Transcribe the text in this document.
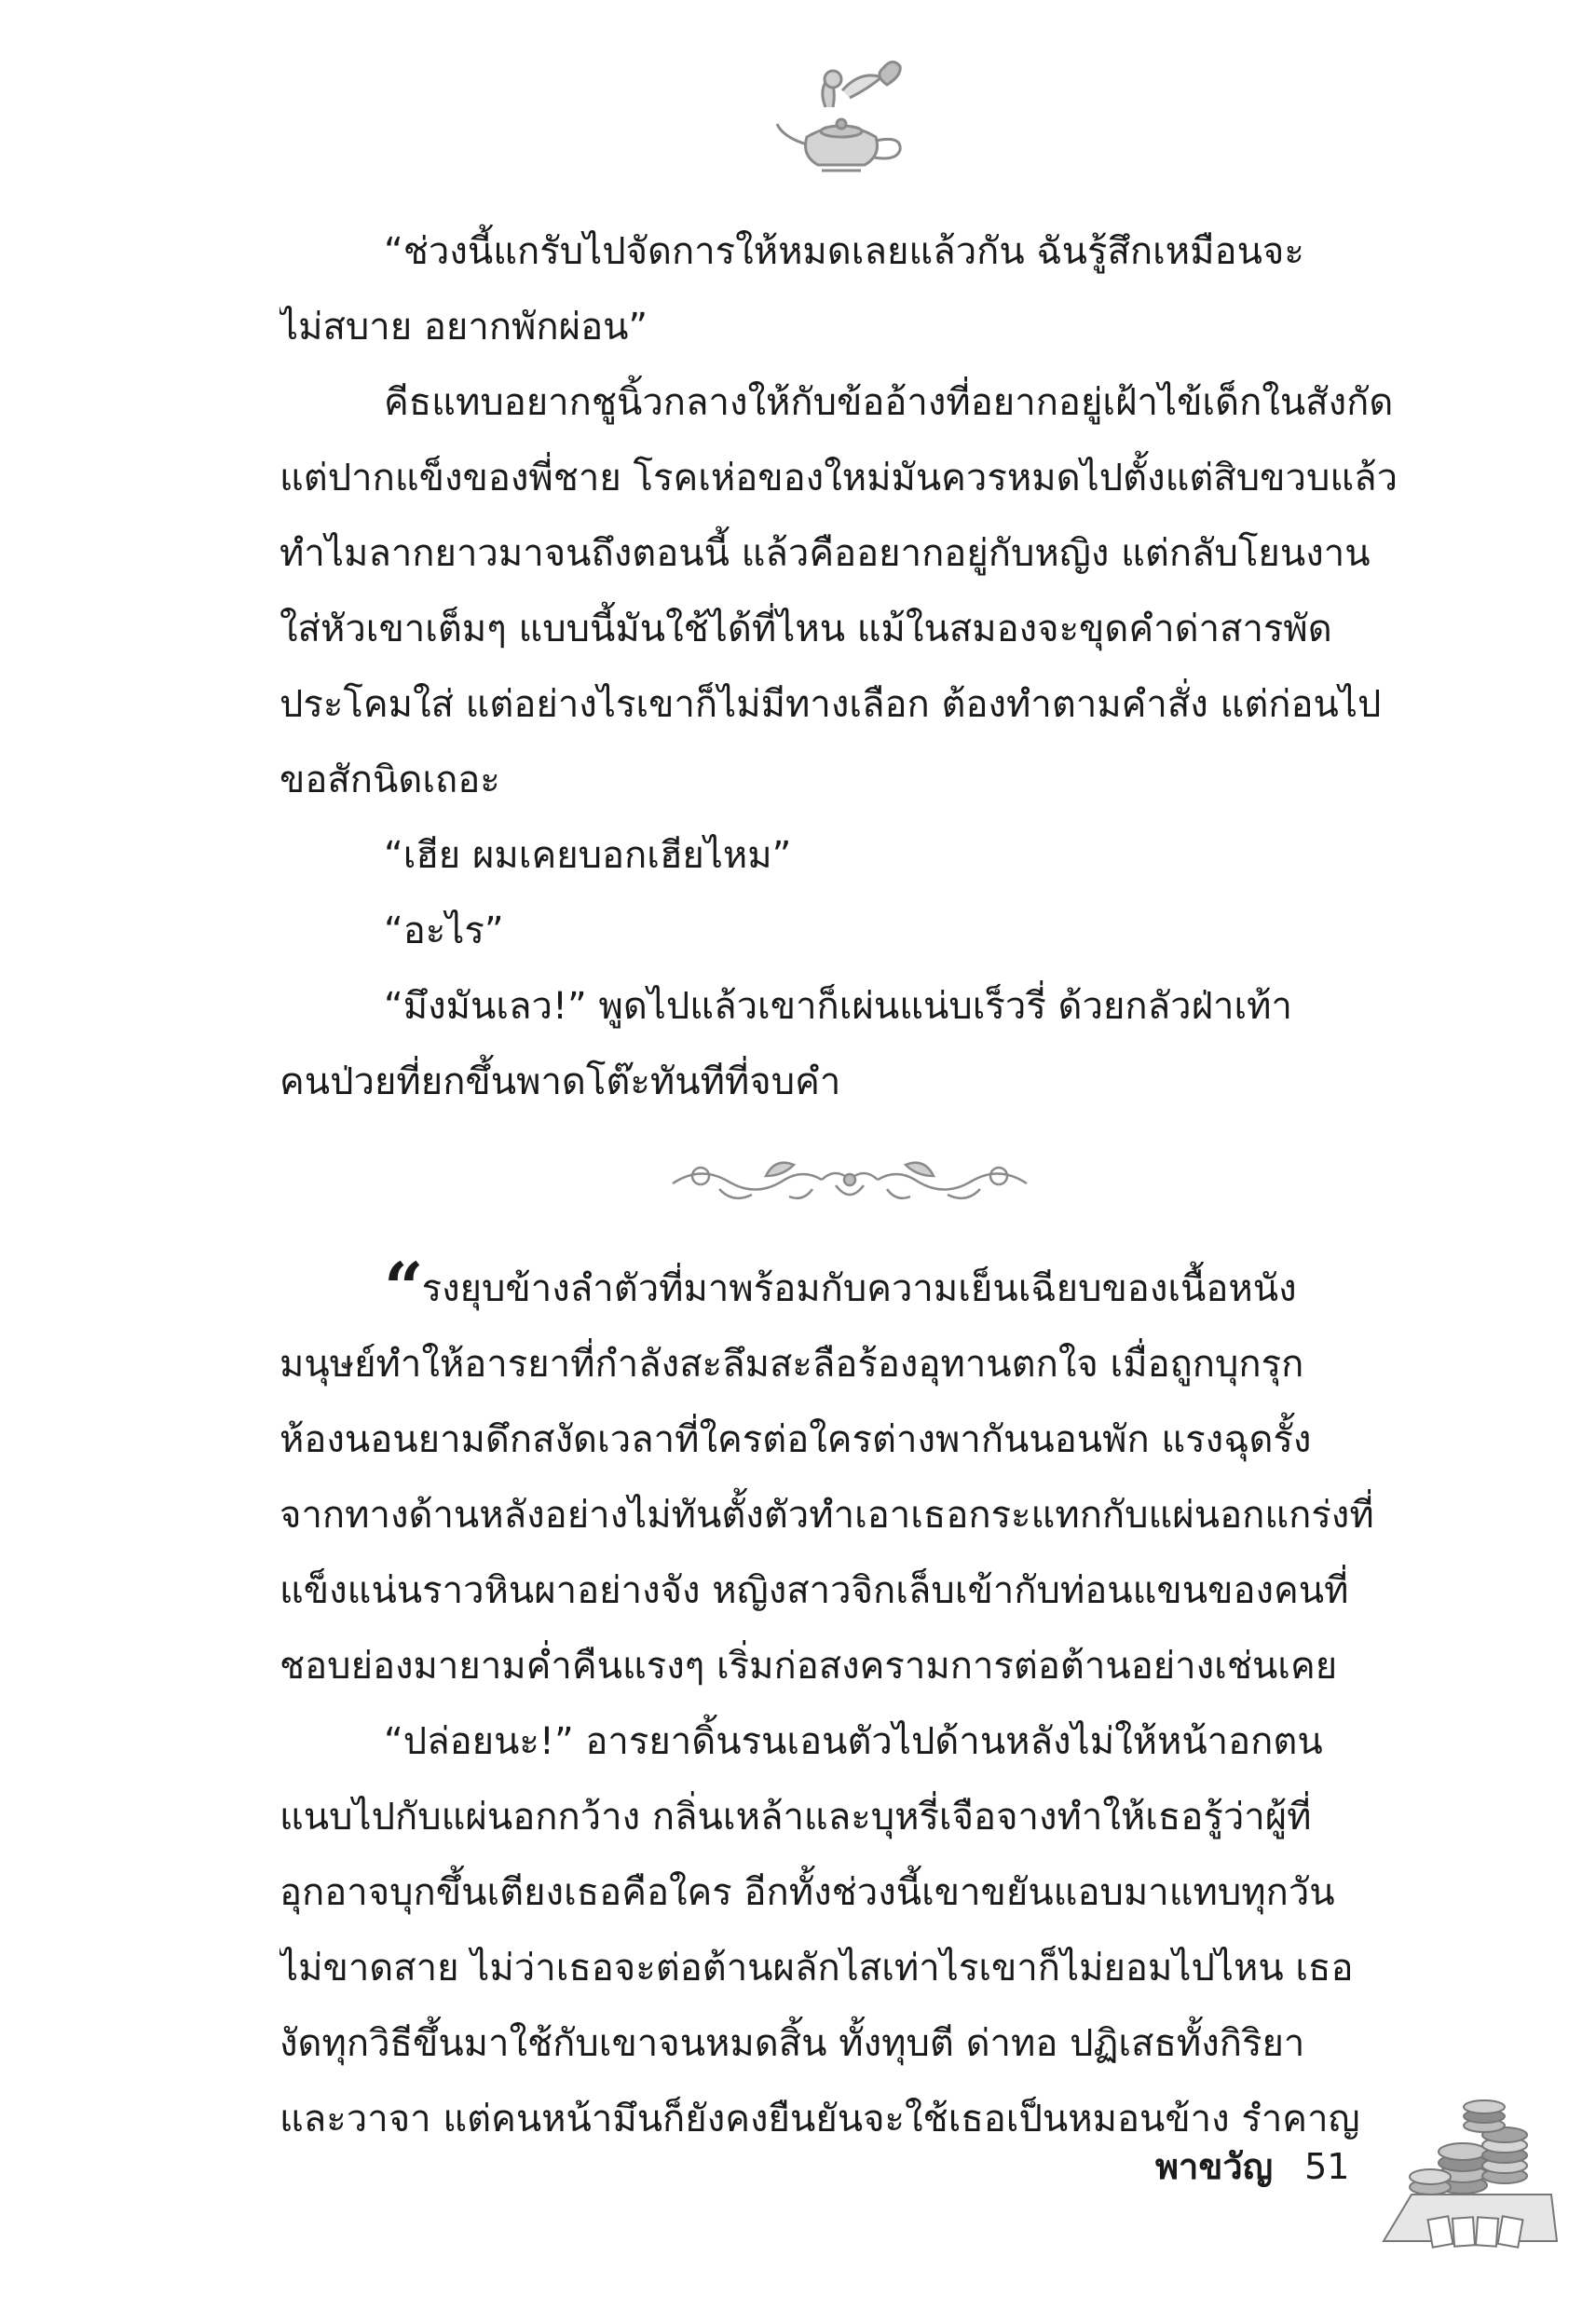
“ช่วงนี้แกรับไปจัดการให้หมดเลยแล้วกัน ฉันรู้สึกเหมือนจะ
ไม่สบาย อยากพักผ่อน”
คีธแทบอยากชูนิ้วกลางให้กับข้ออ้างที่อยากอยู่เฝ้าไข้เด็กในสังกัด
แต่ปากแข็งของพี่ชาย โรคเห่อของใหม่มันควรหมดไปตั้งแต่สิบขวบแล้ว
ทำไมลากยาวมาจนถึงตอนนี้ แล้วคืออยากอยู่กับหญิง แต่กลับโยนงาน
ใส่หัวเขาเต็มๆ แบบนี้มันใช้ได้ที่ไหน แม้ในสมองจะขุดคำด่าสารพัด
ประโคมใส่ แต่อย่างไรเขาก็ไม่มีทางเลือก ต้องทำตามคำสั่ง แต่ก่อนไป
ขอสักนิดเถอะ
“เฮีย ผมเคยบอกเฮียไหม”
“อะไร”
“มึงมันเลว!” พูดไปแล้วเขาก็เผ่นแน่บเร็วรี่ ด้วยกลัวฝ่าเท้า
คนป่วยที่ยกขึ้นพาดโต๊ะทันทีที่จบคำ
“ รงยุบข้างลำตัวที่มาพร้อมกับความเย็นเฉียบของเนื้อหนัง
มนุษย์ทำให้อารยาที่กำลังสะลึมสะลือร้องอุทานตกใจ เมื่อถูกบุกรุก
ห้องนอนยามดึกสงัดเวลาที่ใครต่อใครต่างพากันนอนพัก แรงฉุดรั้ง
จากทางด้านหลังอย่างไม่ทันตั้งตัวทำเอาเธอกระแทกกับแผ่นอกแกร่งที่
แข็งแน่นราวหินผาอย่างจัง หญิงสาวจิกเล็บเข้ากับท่อนแขนของคนที่
ชอบย่องมายามค่ำคืนแรงๆ เริ่มก่อสงครามการต่อต้านอย่างเช่นเคย
“ปล่อยนะ!” อารยาดิ้นรนเอนตัวไปด้านหลังไม่ให้หน้าอกตน
แนบไปกับแผ่นอกกว้าง กลิ่นเหล้าและบุหรี่เจือจางทำให้เธอรู้ว่าผู้ที่
อุกอาจบุกขึ้นเตียงเธอคือใคร อีกทั้งช่วงนี้เขาขยันแอบมาแทบทุกวัน
ไม่ขาดสาย ไม่ว่าเธอจะต่อต้านผลักไสเท่าไรเขาก็ไม่ยอมไปไหน เธอ
งัดทุกวิธีขึ้นมาใช้กับเขาจนหมดสิ้น ทั้งทุบตี ด่าทอ ปฏิเสธทั้งกิริยา
และวาจา แต่คนหน้ามึนก็ยังคงยืนยันจะใช้เธอเป็นหมอนข้าง รำคาญ
พาขวัญ 51
